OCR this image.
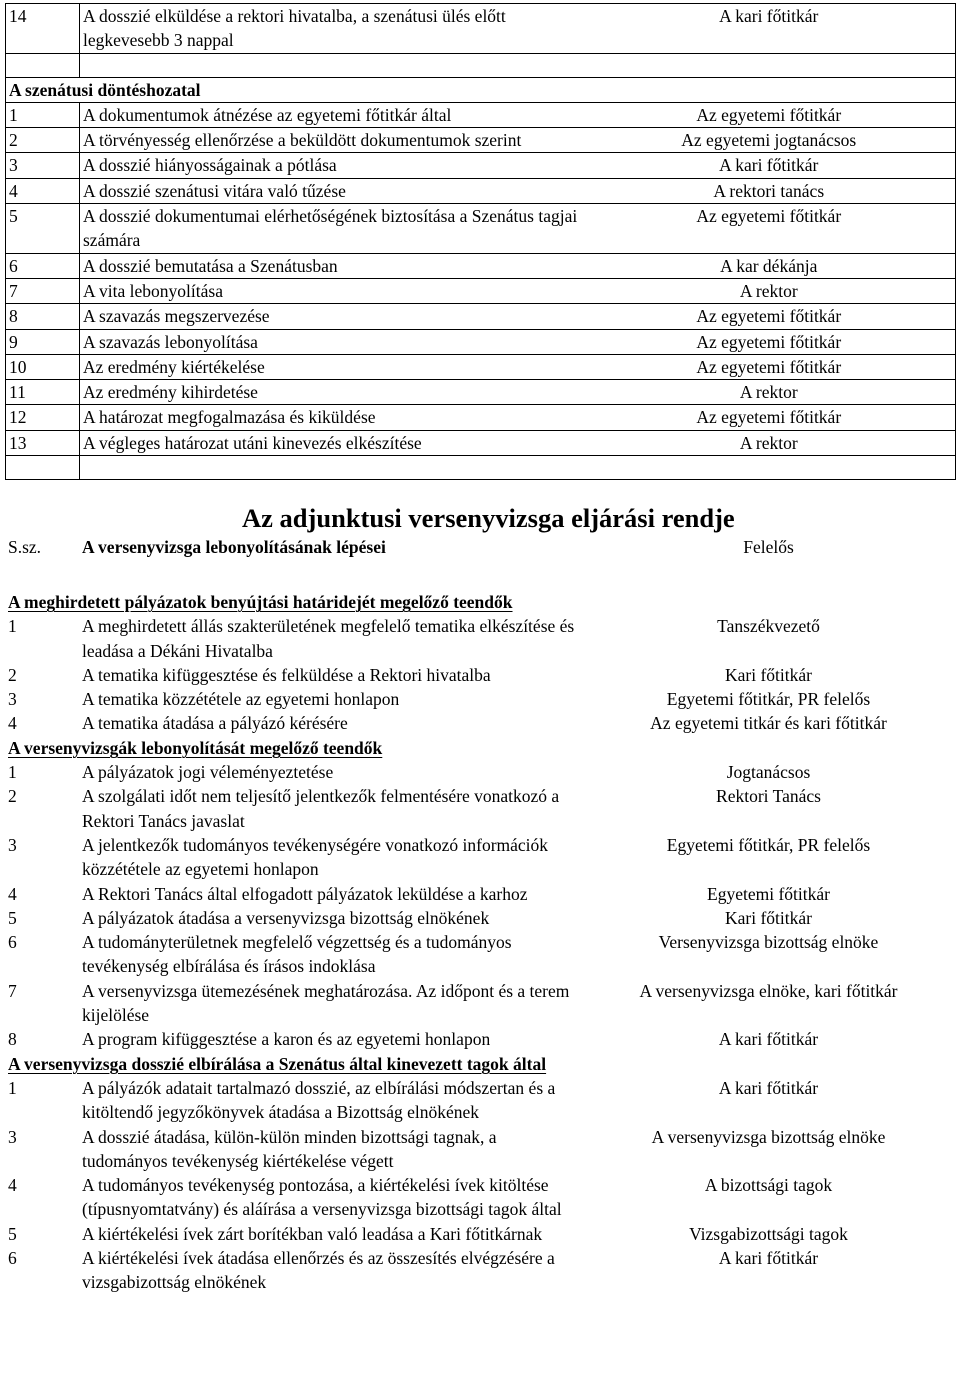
14	A dosszié elküldése a rektori hivatalba, a szenátusi ülés előtt legkevesebb 3 nappal	A kari főtitkár

A szenátusi döntéshozatal		
1	A dokumentumok átnézése az egyetemi főtitkár által	Az egyetemi főtitkár
2	A törvényesség ellenőrzése a beküldött dokumentumok szerint	Az egyetemi jogtanácsos
3	A dosszié hiányosságainak a pótlása	A kari főtitkár
4	A dosszié szenátusi vitára való tűzése	A rektori tanács
5	A dosszié dokumentumai elérhetőségének biztosítása a Szenátus tagjai számára	Az egyetemi főtitkár
6	A dosszié bemutatása a Szenátusban	A kar dékánja
7	A vita lebonyolítása	A rektor
8	A szavazás megszervezése	Az egyetemi főtitkár
9	A szavazás lebonyolítása	Az egyetemi főtitkár
10	Az eredmény kiértékelése	Az egyetemi főtitkár
11	Az eredmény kihirdetése	A rektor
12	A határozat megfogalmazása és kiküldése	Az egyetemi főtitkár
13	A végleges határozat utáni kinevezés elkészítése	A rektor

Az adjunktusi versenyvizsga eljárási rendje
S.sz.	A versenyvizsga lebonyolításának lépései	Felelős

A meghirdetett pályázatok benyújtási határidejét megelőző teendők		
1	A meghirdetett állás szakterületének megfelelő tematika elkészítése és leadása a Dékáni Hivatalba	Tanszékvezető
2	A tematika kifüggesztése és felküldése a Rektori hivatalba	Kari főtitkár
3	A tematika közzététele az egyetemi honlapon	Egyetemi főtitkár, PR felelős
4	A tematika átadása a pályázó kérésére	Az egyetemi titkár és kari főtitkár
A versenyvizsgák lebonyolítását megelőző teendők		
1	A pályázatok jogi véleményeztetése	Jogtanácsos
2	A szolgálati időt nem teljesítő jelentkezők felmentésére vonatkozó a Rektori Tanács javaslat	Rektori Tanács
3	A jelentkezők tudományos tevékenységére vonatkozó információk közzététele az egyetemi honlapon	Egyetemi főtitkár, PR felelős
4	A Rektori Tanács által elfogadott pályázatok leküldése a karhoz	Egyetemi főtitkár
5	A pályázatok átadása a versenyvizsga bizottság elnökének	Kari főtitkár
6	A tudományterületnek megfelelő végzettség és a tudományos tevékenység elbírálása és írásos indoklása	Versenyvizsga bizottság elnöke
7	A versenyvizsga ütemezésének meghatározása. Az időpont és a terem kijelölése	A versenyvizsga elnöke, kari főtitkár
8	A program kifüggesztése a karon és az egyetemi honlapon	A kari főtitkár
A versenyvizsga dosszié elbírálása a Szenátus által kinevezett tagok által		
1	A pályázók adatait tartalmazó dosszié, az elbírálási módszertan és a kitöltendő jegyzőkönyvek átadása a Bizottság elnökének	A kari főtitkár
3	A dosszié átadása, külön-külön minden bizottsági tagnak, a tudományos tevékenység kiértékelése végett	A versenyvizsga bizottság elnöke
4	A tudományos tevékenység pontozása, a kiértékelési ívek kitöltése (típusnyomtatvány) és aláírása a versenyvizsga bizottsági tagok által	A bizottsági tagok
5	A kiértékelési ívek zárt borítékban való leadása a Kari főtitkárnak	Vizsgabizottsági tagok
6	A kiértékelési ívek átadása ellenőrzés és az összesítés elvégzésére a vizsgabizottság elnökének	A kari főtitkár
